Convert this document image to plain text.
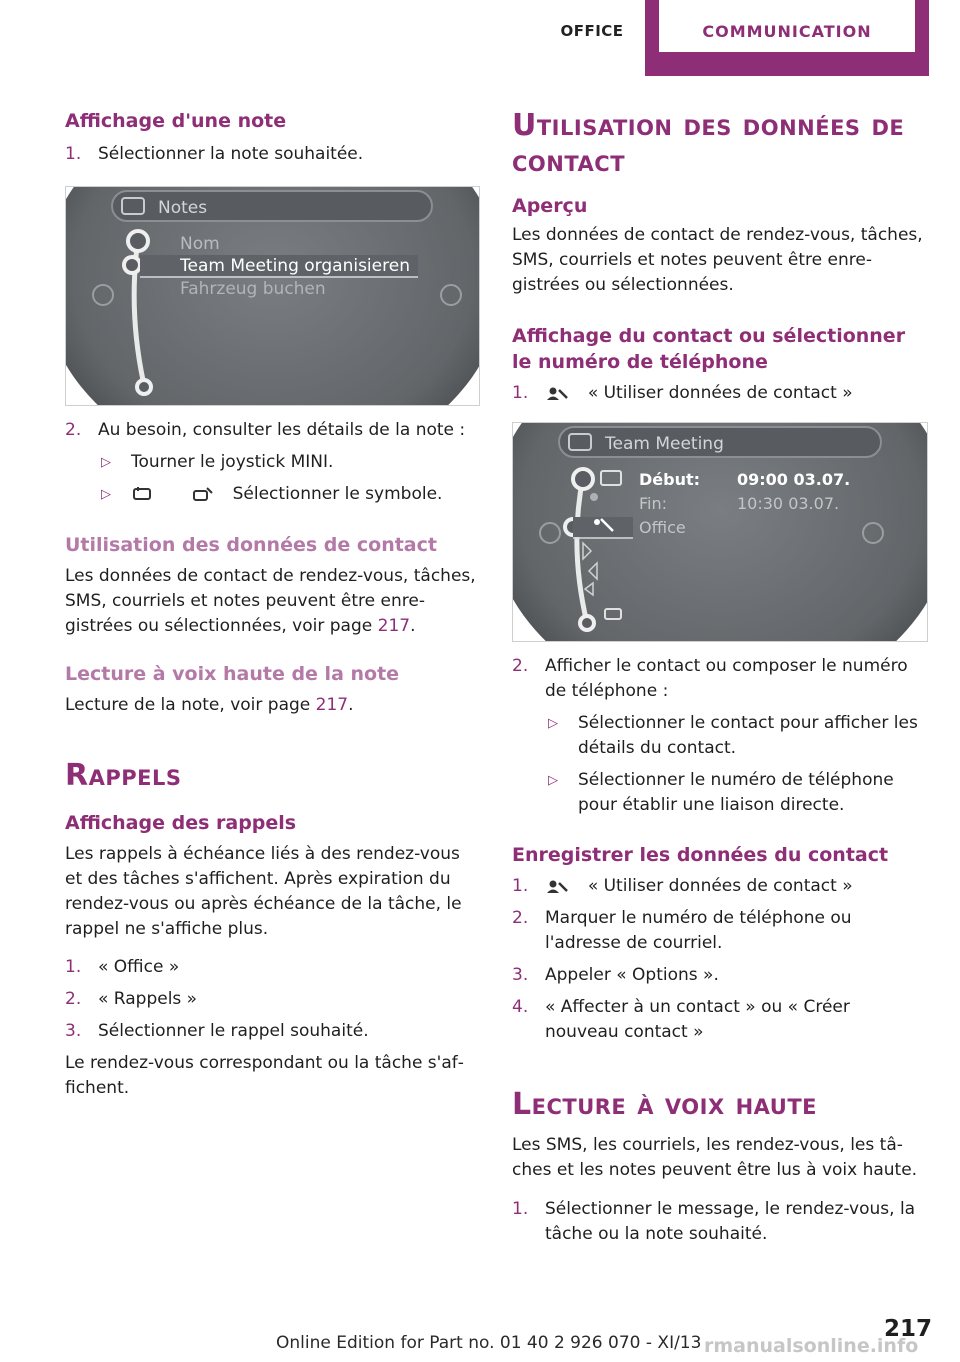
OFFICE	COMMUNICATION
Affichage d'une note
1. Sélectionner la note souhaitée.
Notes
Nom
Team Meeting organisieren
Fahrzeug buchen
2. Au besoin, consulter les détails de la note :
▷ Tourner le joystick MINI.
▷	Sélectionner le symbole.
Utilisation des données de contact

Les données de contact de rendez-vous, tâches, SMS, courriels et notes peuvent être enregistrées ou sélectionnées, voir page 217.

Lecture à voix haute de la note

Lecture de la note, voir page 217.

Rappels
Affichage des rappels

Les rappels à échéance liés à des rendez-vous et des tâches s'affichent. Après expiration du rendez-vous ou après échéance de la tâche, le rappel ne s'affiche plus.

1. « Office »
2. « Rappels »
3. Sélectionner le rappel souhaité.

Le rendez-vous correspondant ou la tâche s'affichent.

Utilisation des données de contact
Aperçu

Les données de contact de rendez-vous, tâches, SMS, courriels et notes peuvent être enregistrées ou sélectionnées.

Affichage du contact ou sélectionner le numéro de téléphone
1.	« Utiliser données de contact »
Team Meeting
Début: 09:00 03.07.
Fin:	10:30 03.07.
Office
2. Afficher le contact ou composer le numéro de téléphone :
▷ Sélectionner le contact pour afficher les détails du contact.
▷ Sélectionner le numéro de téléphone pour établir une liaison directe.
Enregistrer les données du contact
1.	« Utiliser données de contact »
2. Marquer le numéro de téléphone ou l'adresse de courriel.
3. Appeler « Options ».
4. « Affecter à un contact » ou « Créer nouveau contact »
Lecture à voix haute

Les SMS, les courriels, les rendez-vous, les tâches et les notes peuvent être lus à voix haute.

1. Sélectionner le message, le rendez-vous, la tâche ou la note souhaité.
217
Online Edition for Part no. 01 40 2 926 070 - XI/13 rmanualsonline.info
